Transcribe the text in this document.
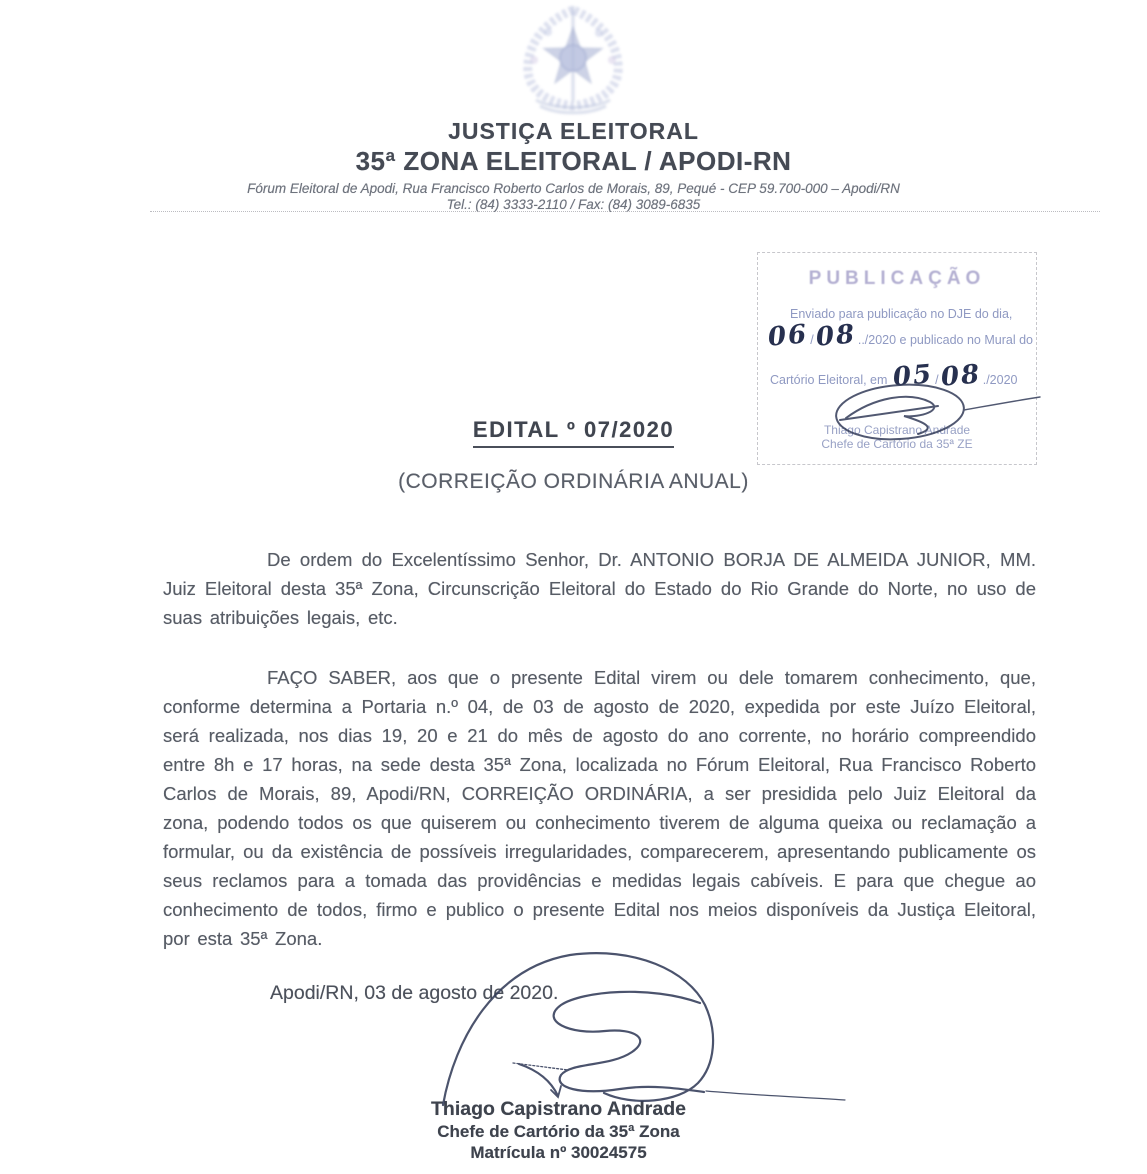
JUSTIÇA ELEITORAL
35ª ZONA ELEITORAL / APODI-RN
Fórum Eleitoral de Apodi, Rua Francisco Roberto Carlos de Morais, 89, Pequé - CEP 59.700-000 – Apodi/RN
Tel.: (84) 3333-2110 / Fax: (84) 3089-6835
PUBLICAÇÃO
Enviado para publicação no DJE do dia,
06/08../2020 e publicado no Mural do
Cartório Eleitoral, em 05/08./2020
Thiago Capistrano Andrade
Chefe de Cartório da 35ª ZE
EDITAL º 07/2020
(CORREIÇÃO ORDINÁRIA ANUAL)

De ordem do Excelentíssimo Senhor, Dr. ANTONIO BORJA DE ALMEIDA JUNIOR, MM. Juiz Eleitoral desta 35ª Zona, Circunscrição Eleitoral do Estado do Rio Grande do Norte, no uso de suas atribuições legais, etc.

FAÇO SABER, aos que o presente Edital virem ou dele tomarem conhecimento, que, conforme determina a Portaria n.º 04, de 03 de agosto de 2020, expedida por este Juízo Eleitoral, será realizada, nos dias 19, 20 e 21 do mês de agosto do ano corrente, no horário compreendido entre 8h e 17 horas, na sede desta 35ª Zona, localizada no Fórum Eleitoral, Rua Francisco Roberto Carlos de Morais, 89, Apodi/RN, CORREIÇÃO ORDINÁRIA, a ser presidida pelo Juiz Eleitoral da zona, podendo todos os que quiserem ou conhecimento tiverem de alguma queixa ou reclamação a formular, ou da existência de possíveis irregularidades, comparecerem, apresentando publicamente os seus reclamos para a tomada das providências e medidas legais cabíveis. E para que chegue ao conhecimento de todos, firmo e publico o presente Edital nos meios disponíveis da Justiça Eleitoral, por esta 35ª Zona.

Apodi/RN, 03 de agosto de 2020.
Thiago Capistrano Andrade
Chefe de Cartório da 35ª Zona
Matrícula nº 30024575
